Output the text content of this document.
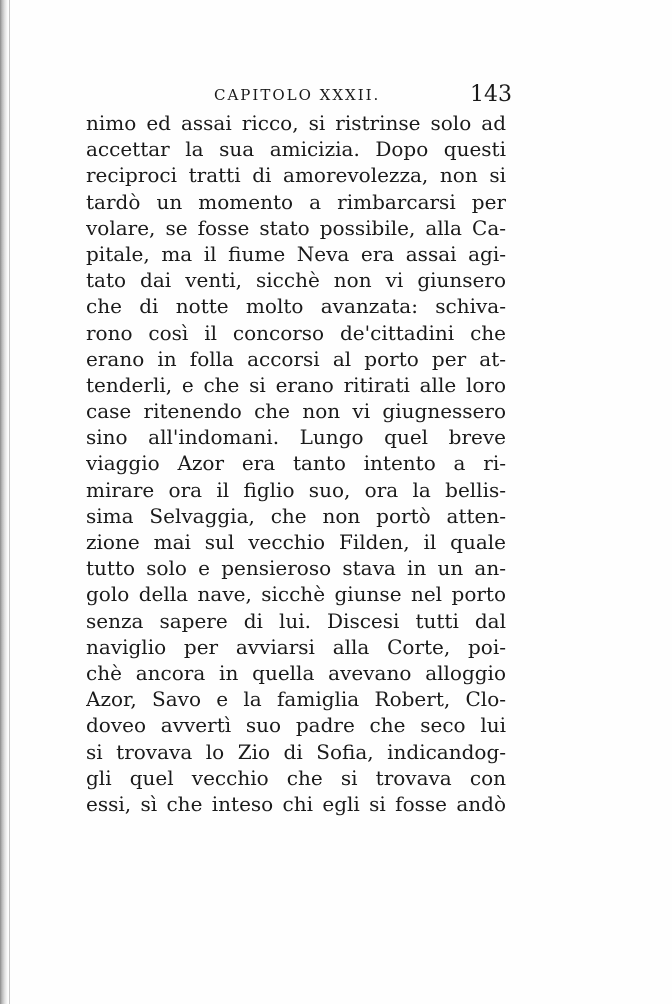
CAPITOLO XXXII.	143
nimo ed assai ricco, si ristrinse solo ad
accettar la sua amicizia. Dopo questi
reciproci tratti di amorevolezza, non si
tardò un momento a rimbarcarsi per
volare, se fosse stato possibile, alla Ca-
pitale, ma il fiume Neva era assai agi-
tato dai venti, sicchè non vi giunsero
che di notte molto avanzata: schiva-
rono così il concorso de'cittadini che
erano in folla accorsi al porto per at-
tenderli, e che si erano ritirati alle loro
case ritenendo che non vi giugnessero
sino all'indomani. Lungo quel breve
viaggio Azor era tanto intento a ri-
mirare ora il figlio suo, ora la bellis-
sima Selvaggia, che non portò atten-
zione mai sul vecchio Filden, il quale
tutto solo e pensieroso stava in un an-
golo della nave, sicchè giunse nel porto
senza sapere di lui. Discesi tutti dal
naviglio per avviarsi alla Corte, poi-
chè ancora in quella avevano alloggio
Azor, Savo e la famiglia Robert, Clo-
doveo avvertì suo padre che seco lui
si trovava lo Zio di Sofia, indicandog-
gli quel vecchio che si trovava con
essi, sì che inteso chi egli si fosse andò
